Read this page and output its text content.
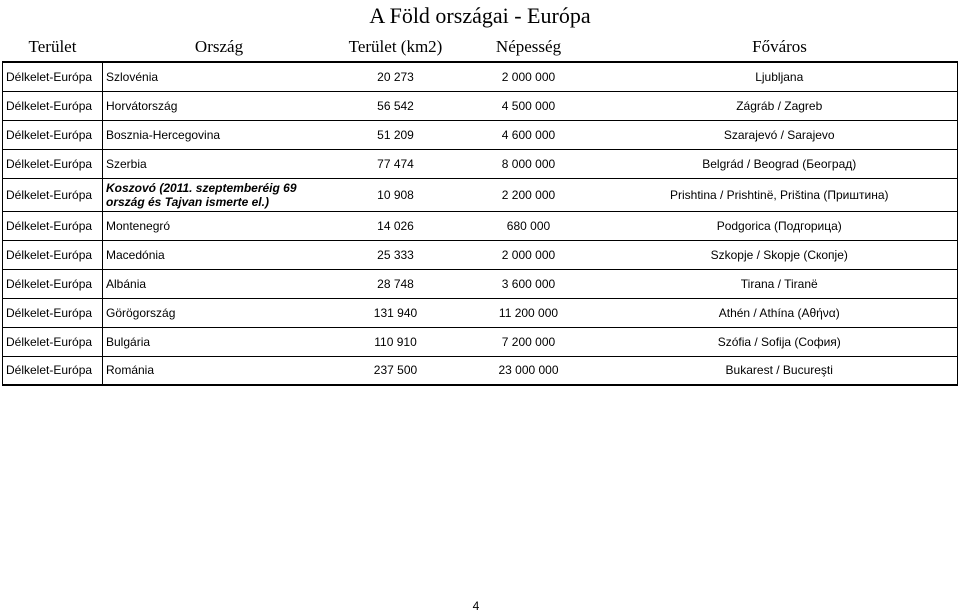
A Föld országai - Európa
Terület	Ország	Terület (km2)	Népesség	Főváros
Délkelet-Európa	Szlovénia	20 273	2 000 000	Ljubljana
Délkelet-Európa	Horvátország	56 542	4 500 000	Zágráb / Zagreb
Délkelet-Európa	Bosznia-Hercegovina	51 209	4 600 000	Szarajevó / Sarajevo
Délkelet-Európa	Szerbia	77 474	8 000 000	Belgrád / Beograd (Београд)
Délkelet-Európa	Koszovó (2011. szeptemberéig 69 ország és Tajvan ismerte el.)	10 908	2 200 000	Prishtina / Prishtinë, Priština (Приштина)
Délkelet-Európa	Montenegró	14 026	680 000	Podgorica (Подгорица)
Délkelet-Európa	Macedónia	25 333	2 000 000	Szkopje / Skopje (Скопје)
Délkelet-Európa	Albánia	28 748	3 600 000	Tirana / Tiranë
Délkelet-Európa	Görögország	131 940	11 200 000	Athén / Athína (Αθήνα)
Délkelet-Európa	Bulgária	110 910	7 200 000	Szófia / Sofija (София)
Délkelet-Európa	Románia	237 500	23 000 000	Bukarest / Bucureşti
4
